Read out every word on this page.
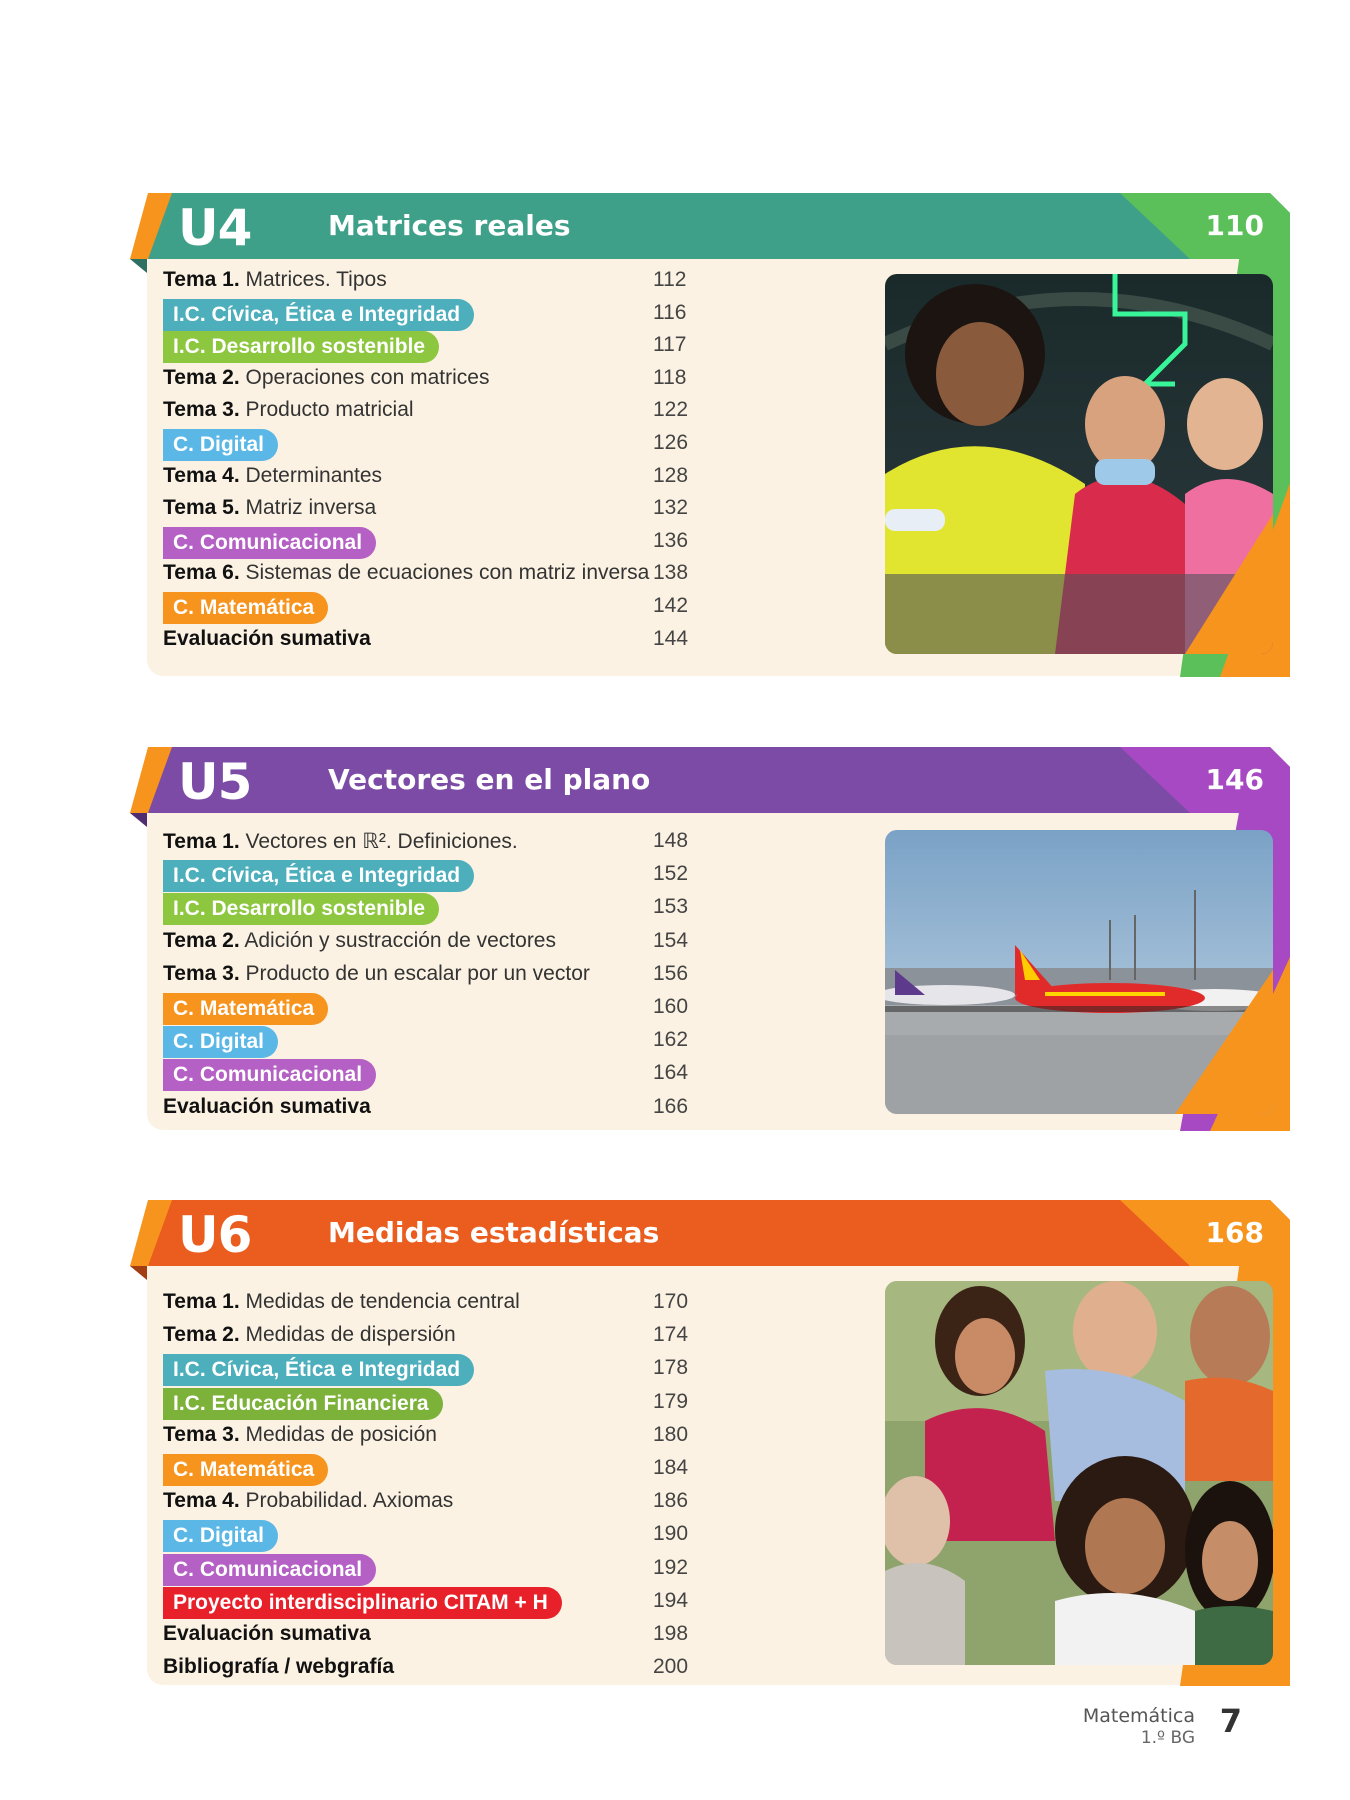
U4	Matrices reales	110
Tema 1. Matrices. Tipos	112
I.C. Cívica, Ética e Integridad	116
I.C. Desarrollo sostenible	117
Tema 2. Operaciones con matrices	118
Tema 3. Producto matricial	122
C. Digital	126
Tema 4. Determinantes	128
Tema 5. Matriz inversa	132
C. Comunicacional	136
Tema 6. Sistemas de ecuaciones con matriz inversa 138
C. Matemática	142
Evaluación sumativa	144
U5	Vectores en el plano	146
Tema 1. Vectores en ℝ². Definiciones.	148
I.C. Cívica, Ética e Integridad	152
I.C. Desarrollo sostenible	153
Tema 2. Adición y sustracción de vectores	154
Tema 3. Producto de un escalar por un vector	156
C. Matemática	160
C. Digital	162
C. Comunicacional	164
Evaluación sumativa	166
U6	Medidas estadísticas	168
Tema 1. Medidas de tendencia central	170
Tema 2. Medidas de dispersión	174
I.C. Cívica, Ética e Integridad	178
I.C. Educación Financiera	179
Tema 3. Medidas de posición	180
C. Matemática	184
Tema 4. Probabilidad. Axiomas	186
C. Digital	190
C. Comunicacional	192
Proyecto interdisciplinario CITAM + H	194
Evaluación sumativa	198
Bibliografía / webgrafía	200
Matemática
1.º BG 7
